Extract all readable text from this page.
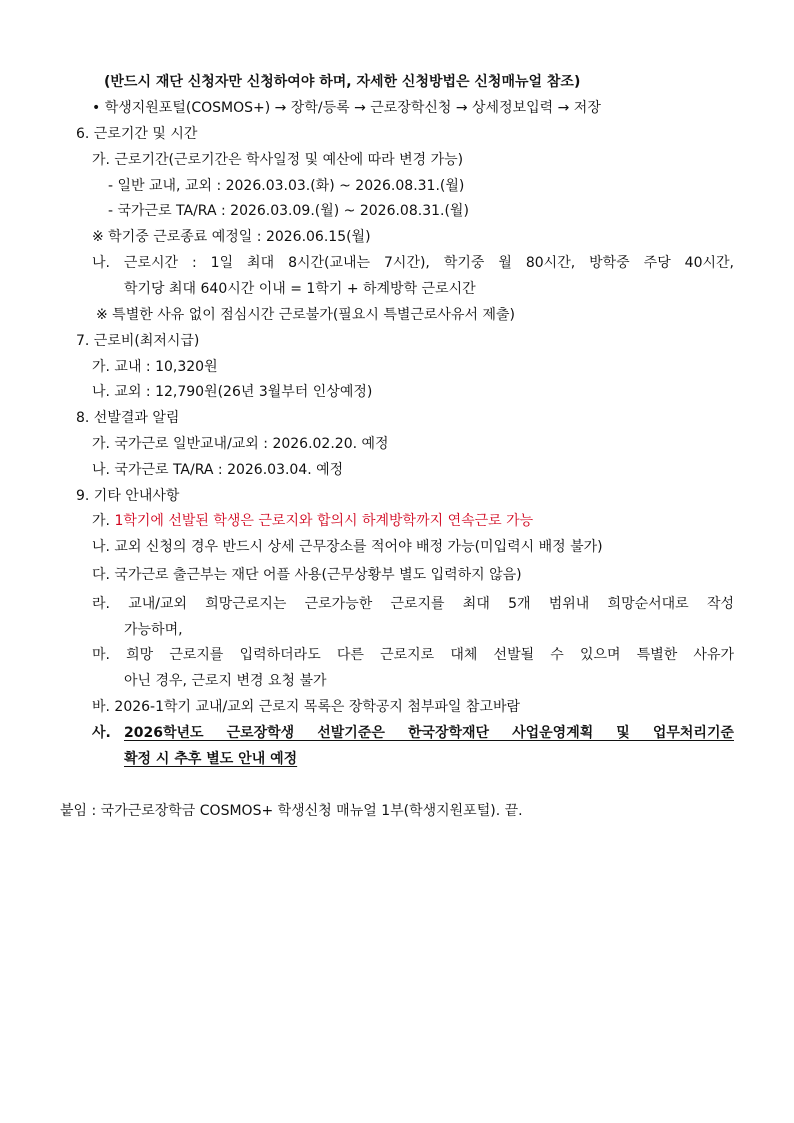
(반드시 재단 신청자만 신청하여야 하며, 자세한 신청방법은 신청매뉴얼 참조)
• 학생지원포털(COSMOS+) → 장학/등록 → 근로장학신청 → 상세정보입력 → 저장
6. 근로기간 및 시간
가. 근로기간(근로기간은 학사일정 및 예산에 따라 변경 가능)
- 일반 교내, 교외 : 2026.03.03.(화) ~ 2026.08.31.(월)
- 국가근로 TA/RA : 2026.03.09.(월) ~ 2026.08.31.(월)
※ 학기중 근로종료 예정일 : 2026.06.15(월)
나. 근로시간 : 1일 최대 8시간(교내는 7시간), 학기중 월 80시간, 방학중 주당 40시간,
학기당 최대 640시간 이내 = 1학기 + 하계방학 근로시간
※ 특별한 사유 없이 점심시간 근로불가(필요시 특별근로사유서 제출)
7. 근로비(최저시급)
가. 교내 : 10,320원
나. 교외 : 12,790원(26년 3월부터 인상예정)
8. 선발결과 알림
가. 국가근로 일반교내/교외 : 2026.02.20. 예정
나. 국가근로 TA/RA : 2026.03.04. 예정
9. 기타 안내사항
가. 1학기에 선발된 학생은 근로지와 합의시 하계방학까지 연속근로 가능
나. 교외 신청의 경우 반드시 상세 근무장소를 적어야 배정 가능(미입력시 배정 불가)
다. 국가근로 출근부는 재단 어플 사용(근무상황부 별도 입력하지 않음)
라. 교내/교외 희망근로지는 근로가능한 근로지를 최대 5개 범위내 희망순서대로 작성
가능하며,
마. 희망 근로지를 입력하더라도 다른 근로지로 대체 선발될 수 있으며 특별한 사유가
아닌 경우, 근로지 변경 요청 불가
바. 2026-1학기 교내/교외 근로지 목록은 장학공지 첨부파일 참고바람
사. 2026학년도 근로장학생 선발기준은 한국장학재단 사업운영계획 및 업무처리기준
확정 시 추후 별도 안내 예정
붙임 : 국가근로장학금 COSMOS+ 학생신청 매뉴얼 1부(학생지원포털). 끝.
